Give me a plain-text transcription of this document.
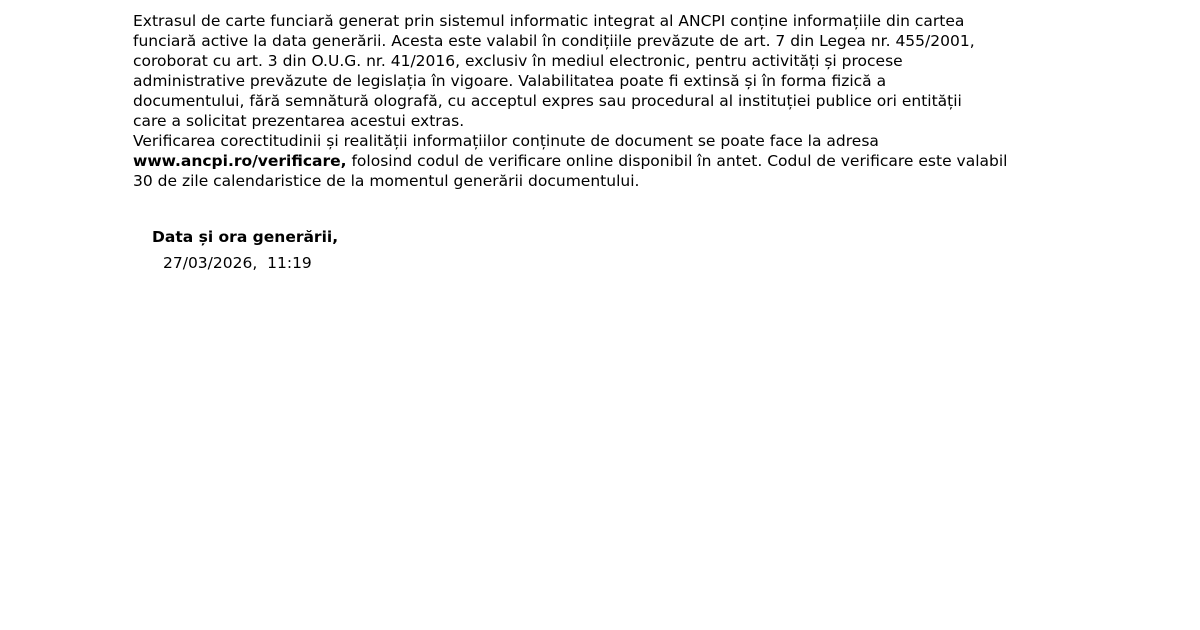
Extrasul de carte funciară generat prin sistemul informatic integrat al ANCPI conține informațiile din cartea
funciară active la data generării. Acesta este valabil în condițiile prevăzute de art. 7 din Legea nr. 455/2001,
coroborat cu art. 3 din O.U.G. nr. 41/2016, exclusiv în mediul electronic, pentru activități și procese
administrative prevăzute de legislația în vigoare. Valabilitatea poate fi extinsă și în forma fizică a
documentului, fără semnătură olografă, cu acceptul expres sau procedural al instituției publice ori entității
care a solicitat prezentarea acestui extras.
Verificarea corectitudinii și realității informațiilor conținute de document se poate face la adresa
www.ancpi.ro/verificare, folosind codul de verificare online disponibil în antet. Codul de verificare este valabil
30 de zile calendaristice de la momentul generării documentului.
Data și ora generării,
27/03/2026,  11:19
